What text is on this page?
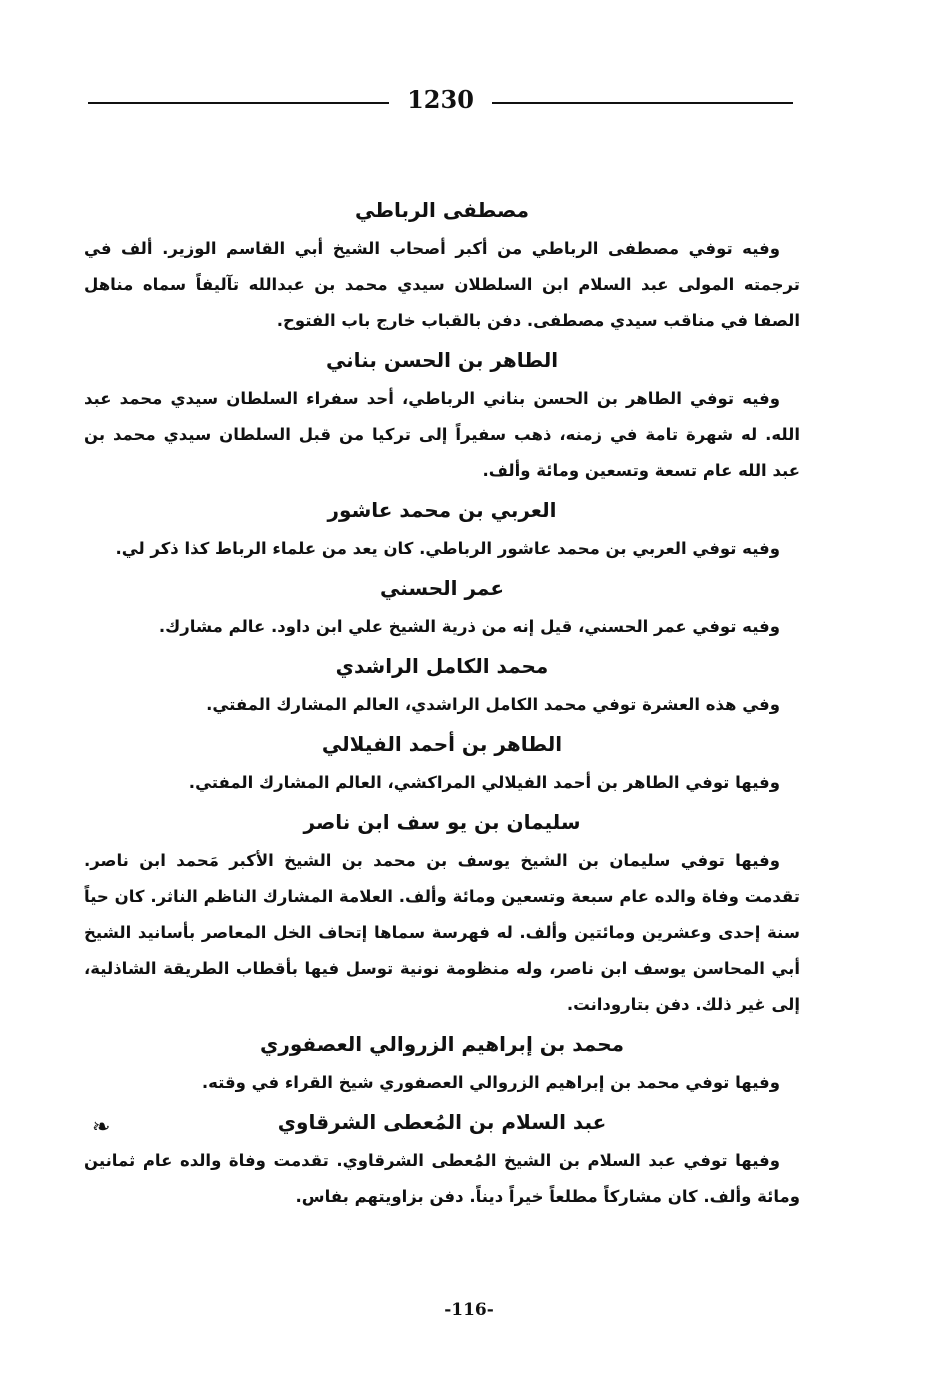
1230
مصطفى الرباطي
وفيه توفي مصطفى الرباطي من أكبر أصحاب الشيخ أبي القاسم الوزير. ألف في ترجمته المولى عبد السلام ابن السلطلان سيدي محمد بن عبدالله تآليفاً سماه مناهل الصفا في مناقب سيدي مصطفى. دفن بالقباب خارج باب الفتوح.
الطاهر بن الحسن بناني
وفيه توفي الطاهر بن الحسن بناني الرباطي، أحد سفراء السلطان سيدي محمد عبد الله. له شهرة تامة في زمنه، ذهب سفيراً إلى تركيا من قبل السلطان سيدي محمد بن عبد الله عام تسعة وتسعين ومائة وألف.
العربي بن محمد عاشور
وفيه توفي العربي بن محمد عاشور الرباطي. كان يعد من علماء الرباط كذا ذكر لي.
عمر الحسني
وفيه توفي عمر الحسني، قيل إنه من ذرية الشيخ علي ابن داود. عالم مشارك.
محمد الكامل الراشدي
وفي هذه العشرة توفي محمد الكامل الراشدي، العالم المشارك المفتي.
الطاهر بن أحمد الفيلالي
وفيها توفي الطاهر بن أحمد الفيلالي المراكشي، العالم المشارك المفتي.
سليمان بن يو سف ابن ناصر
وفيها توفي سليمان بن الشيخ يوسف بن محمد بن الشيخ الأكبر مَحمد ابن ناصر. تقدمت وفاة والده عام سبعة وتسعين ومائة وألف. العلامة المشارك الناظم الناثر. كان حياً سنة إحدى وعشرين ومائتين وألف. له فهرسة سماها إتحاف الخل المعاصر بأسانيد الشيخ أبي المحاسن يوسف ابن ناصر، وله منظومة نونية توسل فيها بأقطاب الطريقة الشاذلية، إلى غير ذلك. دفن بتارودانت.
محمد بن إبراهيم الزروالي العصفوري
وفيها توفي محمد بن إبراهيم الزروالي العصفوري شيخ القراء في وقته.
عبد السلام بن المُعطى الشرقاوي
وفيها توفي عبد السلام بن الشيخ المُعطى الشرقاوي. تقدمت وفاة والده عام ثمانين ومائة وألف. كان مشاركاً مطلعاً خيراً ديناً. دفن بزاويتهم بفاس.
❧
-116-
